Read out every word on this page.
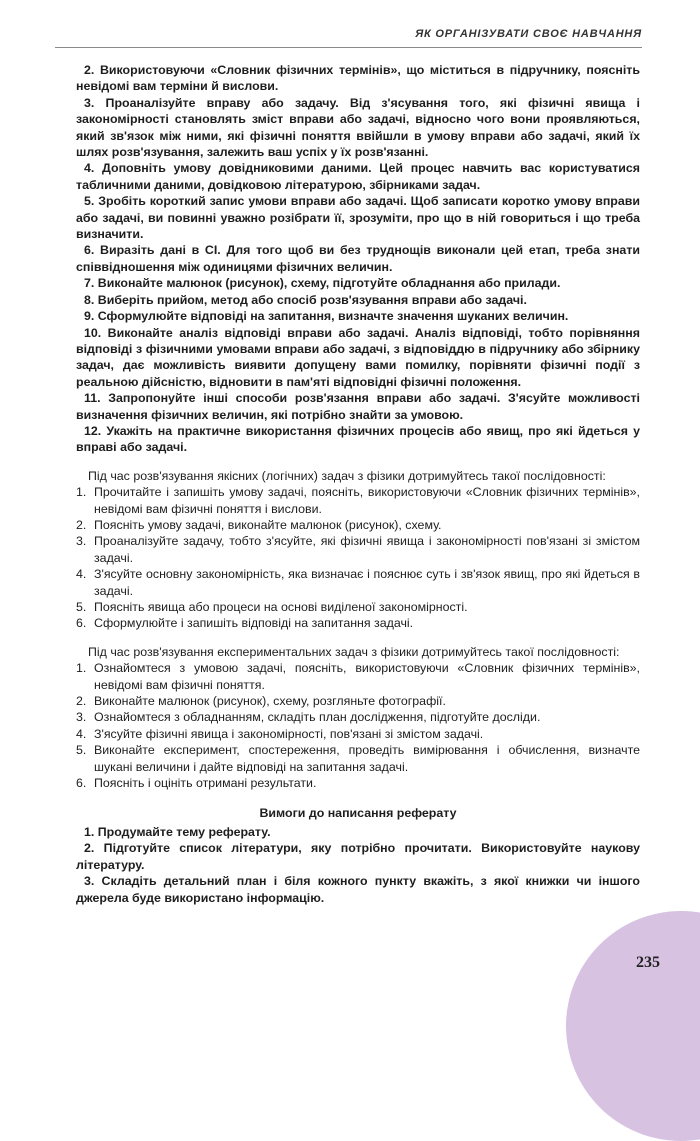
ЯК ОРГАНІЗУВАТИ СВОЄ НАВЧАННЯ

2. Використовуючи «Словник фізичних термінів», що міститься в підручнику, поясніть невідомі вам терміни й вислови.

3. Проаналізуйте вправу або задачу. Від з'ясування того, які фізичні явища і закономірності становлять зміст вправи або задачі, відносно чого вони проявляються, який зв'язок між ними, які фізичні поняття ввійшли в умову вправи або задачі, який їх шлях розв'язування, залежить ваш успіх у їх розв'язанні.

4. Доповніть умову довідниковими даними. Цей процес навчить вас користуватися табличними даними, довідковою літературою, збірниками задач.

5. Зробіть короткий запис умови вправи або задачі. Щоб записати коротко умову вправи або задачі, ви повинні уважно розібрати її, зрозуміти, про що в ній говориться і що треба визначити.

6. Виразіть дані в СІ. Для того щоб ви без труднощів виконали цей етап, треба знати співвідношення між одиницями фізичних величин.

7. Виконайте малюнок (рисунок), схему, підготуйте обладнання або прилади.

8. Виберіть прийом, метод або спосіб розв'язування вправи або задачі.

9. Сформулюйте відповіді на запитання, визначте значення шуканих величин.

10. Виконайте аналіз відповіді вправи або задачі. Аналіз відповіді, тобто порівняння відповіді з фізичними умовами вправи або задачі, з відповіддю в підручнику або збірнику задач, дає можливість виявити допущену вами помилку, порівняти фізичні події з реальною дійсністю, відновити в пам'яті відповідні фізичні положення.

11. Запропонуйте інші способи розв'язання вправи або задачі. З'ясуйте можливості визначення фізичних величин, які потрібно знайти за умовою.

12. Укажіть на практичне використання фізичних процесів або явищ, про які йдеться у вправі або задачі.

Під час розв'язування якісних (логічних) задач з фізики дотримуйтесь такої послідовності:

1. Прочитайте і запишіть умову задачі, поясніть, використовуючи «Словник фізичних термінів», невідомі вам фізичні поняття і вислови.
2. Поясніть умову задачі, виконайте малюнок (рисунок), схему.
3. Проаналізуйте задачу, тобто з'ясуйте, які фізичні явища і закономірності пов'язані зі змістом задачі.
4. З'ясуйте основну закономірність, яка визначає і пояснює суть і зв'язок явищ, про які йдеться в задачі.
5. Поясніть явища або процеси на основі виділеної закономірності.
6. Сформулюйте і запишіть відповіді на запитання задачі.

Під час розв'язування експериментальних задач з фізики дотримуйтесь такої послідовності:

1. Ознайомтеся з умовою задачі, поясніть, використовуючи «Словник фізичних термінів», невідомі вам фізичні поняття.
2. Виконайте малюнок (рисунок), схему, розгляньте фотографії.
3. Ознайомтеся з обладнанням, складіть план дослідження, підготуйте досліди.
4. З'ясуйте фізичні явища і закономірності, пов'язані зі змістом задачі.
5. Виконайте експеримент, спостереження, проведіть вимірювання і обчислення, визначте шукані величини і дайте відповіді на запитання задачі.
6. Поясніть і оцініть отримані результати.

Вимоги до написання реферату

1. Продумайте тему реферату.

2. Підготуйте список літератури, яку потрібно прочитати. Використовуйте наукову літературу.

3. Складіть детальний план і біля кожного пункту вкажіть, з якої книжки чи іншого джерела буде використано інформацію.

235
